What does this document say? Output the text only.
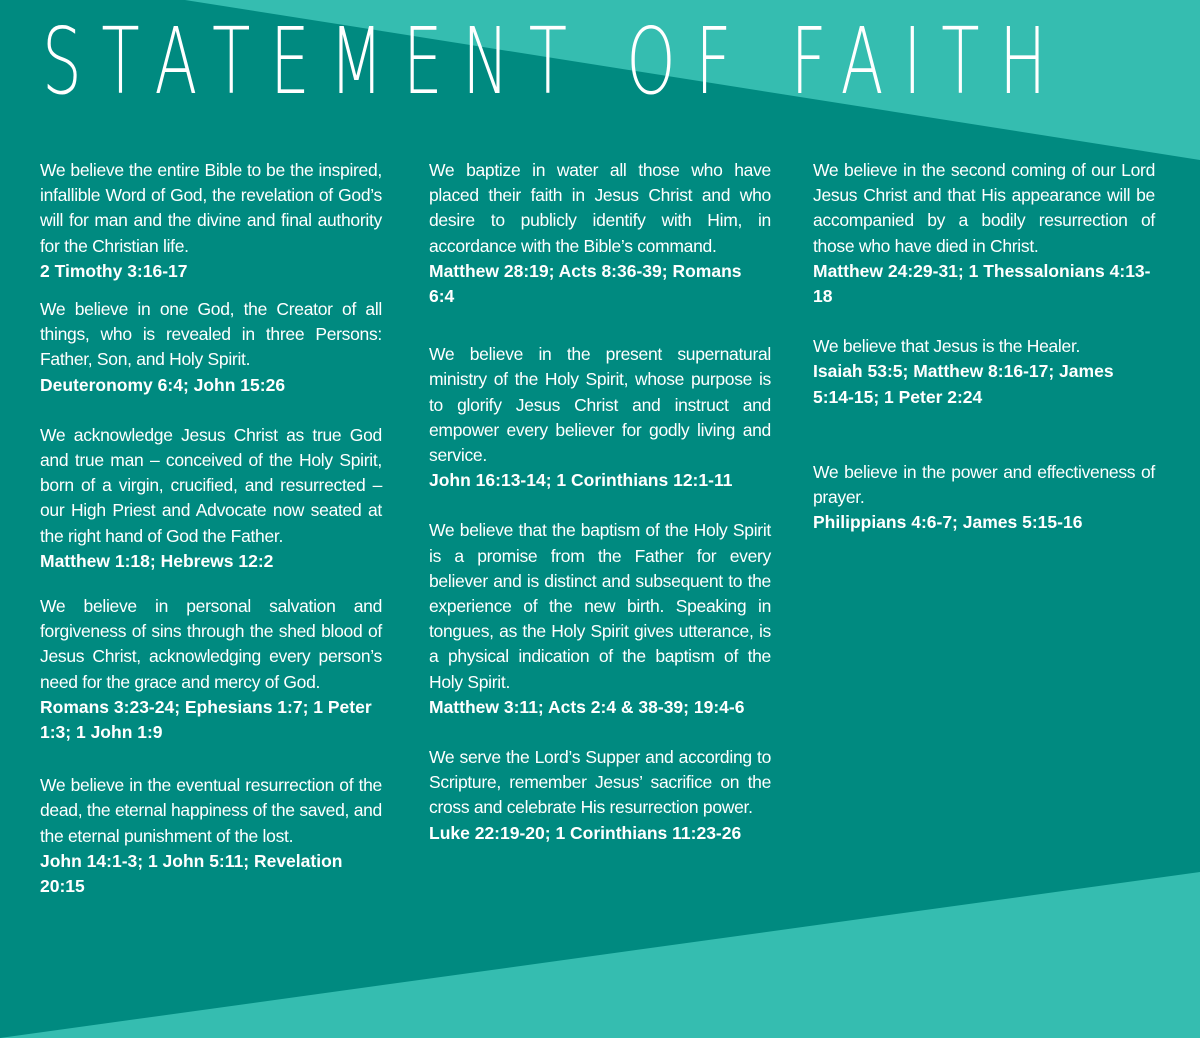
STATEMENT OF FAITH

We believe the entire Bible to be the inspired, infallible Word of God, the revelation of God’s will for man and the divine and final authority for the Christian life.

2 Timothy 3:16-17

We believe in one God, the Creator of all things, who is revealed in three Persons: Father, Son, and Holy Spirit.

Deuteronomy 6:4; John 15:26

We acknowledge Jesus Christ as true God and true man – conceived of the Holy Spirit, born of a virgin, crucified, and resurrected – our High Priest and Advocate now seated at the right hand of God the Father.

Matthew 1:18; Hebrews 12:2

We believe in personal salvation and forgiveness of sins through the shed blood of Jesus Christ, acknowledging every person’s need for the grace and mercy of God.

Romans 3:23-24; Ephesians 1:7; 1 Peter 1:3; 1 John 1:9

We believe in the eventual resurrection of the dead, the eternal happiness of the saved, and the eternal punishment of the lost.

John 14:1-3; 1 John 5:11; Revelation 20:15

We baptize in water all those who have placed their faith in Jesus Christ and who desire to publicly identify with Him, in accordance with the Bible’s command.

Matthew 28:19; Acts 8:36-39; Romans 6:4

We believe in the present supernatural ministry of the Holy Spirit, whose purpose is to glorify Jesus Christ and instruct and empower every believer for godly living and service.

John 16:13-14; 1 Corinthians 12:1-11

We believe that the baptism of the Holy Spirit is a promise from the Father for every believer and is distinct and subsequent to the experience of the new birth. Speaking in tongues, as the Holy Spirit gives utterance, is a physical indication of the baptism of the Holy Spirit.

Matthew 3:11; Acts 2:4 & 38-39; 19:4-6

We serve the Lord’s Supper and according to Scripture, remember Jesus’ sacrifice on the cross and celebrate His resurrection power.

Luke 22:19-20; 1 Corinthians 11:23-26

We believe in the second coming of our Lord Jesus Christ and that His appearance will be accompanied by a bodily resurrection of those who have died in Christ.

Matthew 24:29-31; 1 Thessalonians 4:13-18

We believe that Jesus is the Healer.

Isaiah 53:5; Matthew 8:16-17; James 5:14-15; 1 Peter 2:24

We believe in the power and effectiveness of prayer.

Philippians 4:6-7; James 5:15-16
